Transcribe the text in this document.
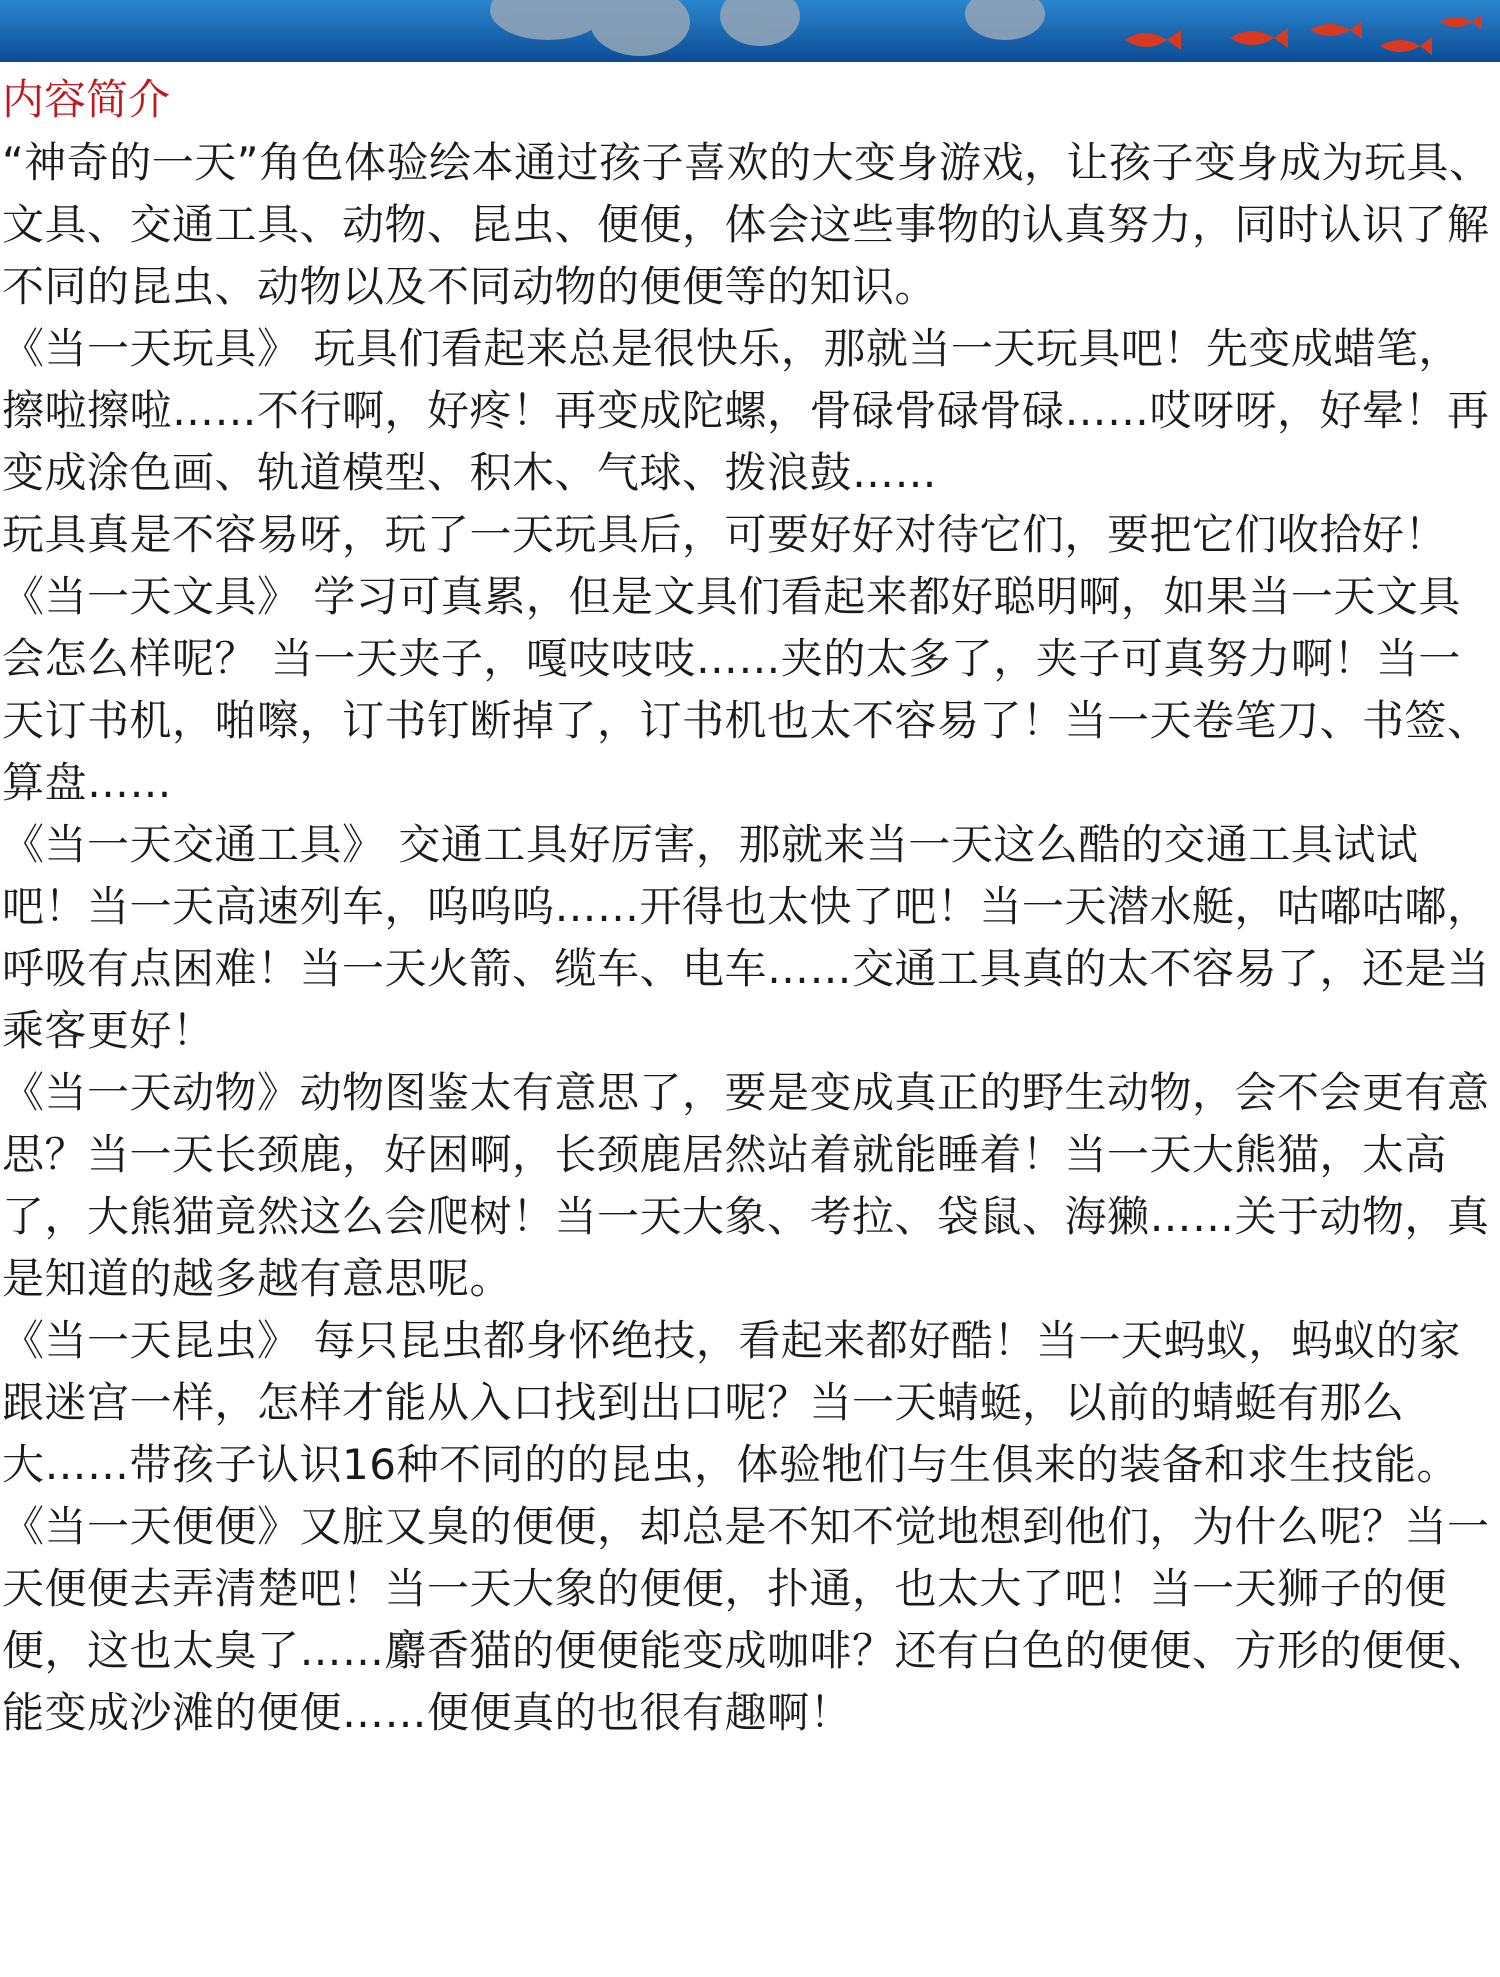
内容简介

“神奇的一天”角色体验绘本通过孩子喜欢的大变身游戏，让孩子变身成为玩具、文具、交通工具、动物、昆虫、便便，体会这些事物的认真努力，同时认识了解不同的昆虫、动物以及不同动物的便便等的知识。

《当一天玩具》 玩具们看起来总是很快乐，那就当一天玩具吧！先变成蜡笔，擦啦擦啦……不行啊，好疼！再变成陀螺，骨碌骨碌骨碌……哎呀呀，好晕！再变成涂色画、轨道模型、积木、气球、拨浪鼓……

玩具真是不容易呀，玩了一天玩具后，可要好好对待它们，要把它们收拾好！

《当一天文具》 学习可真累，但是文具们看起来都好聪明啊，如果当一天文具会怎么样呢？ 当一天夹子，嘎吱吱吱……夹的太多了，夹子可真努力啊！当一天订书机，啪嚓，订书钉断掉了，订书机也太不容易了！当一天卷笔刀、书签、算盘……

《当一天交通工具》 交通工具好厉害，那就来当一天这么酷的交通工具试试吧！当一天高速列车，呜呜呜……开得也太快了吧！当一天潜水艇，咕嘟咕嘟，呼吸有点困难！当一天火箭、缆车、电车……交通工具真的太不容易了，还是当乘客更好！

《当一天动物》动物图鉴太有意思了，要是变成真正的野生动物，会不会更有意思？当一天长颈鹿，好困啊，长颈鹿居然站着就能睡着！当一天大熊猫，太高了，大熊猫竟然这么会爬树！当一天大象、考拉、袋鼠、海獭……关于动物，真是知道的越多越有意思呢。

《当一天昆虫》 每只昆虫都身怀绝技，看起来都好酷！当一天蚂蚁，蚂蚁的家跟迷宫一样，怎样才能从入口找到出口呢？当一天蜻蜓，以前的蜻蜓有那么大……带孩子认识16种不同的的昆虫，体验牠们与生俱来的装备和求生技能。

《当一天便便》又脏又臭的便便，却总是不知不觉地想到他们，为什么呢？当一天便便去弄清楚吧！当一天大象的便便，扑通，也太大了吧！当一天狮子的便便，这也太臭了……麝香猫的便便能变成咖啡？还有白色的便便、方形的便便、能变成沙滩的便便……便便真的也很有趣啊！
